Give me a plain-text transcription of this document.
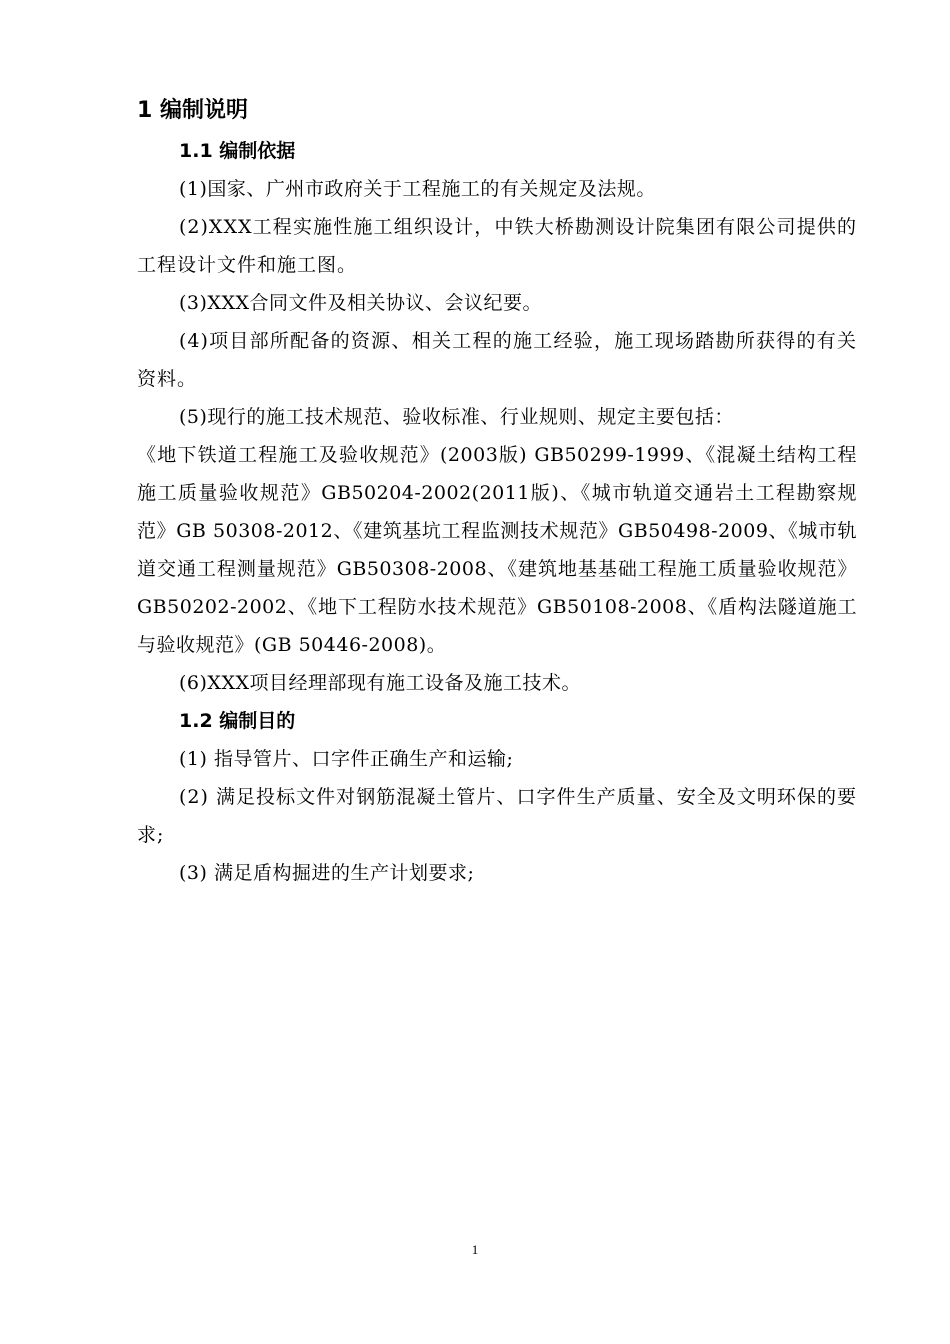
1 编制说明
1.1 编制依据

(1)国家、广州市政府关于工程施工的有关规定及法规。

(2)XXX工程实施性施工组织设计，中铁大桥勘测设计院集团有限公司提供的工程设计文件和施工图。

(3)XXX合同文件及相关协议、会议纪要。

(4)项目部所配备的资源、相关工程的施工经验，施工现场踏勘所获得的有关资料。

(5)现行的施工技术规范、验收标准、行业规则、规定主要包括：

《地下铁道工程施工及验收规范》(2003版) GB50299-1999、《混凝土结构工程施工质量验收规范》GB50204-2002(2011版)、《城市轨道交通岩土工程勘察规范》GB 50308-2012、《建筑基坑工程监测技术规范》GB50498-2009、《城市轨道交通工程测量规范》GB50308-2008、《建筑地基基础工程施工质量验收规范》GB50202-2002、《地下工程防水技术规范》GB50108-2008、《盾构法隧道施工与验收规范》(GB 50446-2008)。

(6)XXX项目经理部现有施工设备及施工技术。

1.2 编制目的

(1) 指导管片、口字件正确生产和运输;

(2) 满足投标文件对钢筋混凝土管片、口字件生产质量、安全及文明环保的要求;

(3) 满足盾构掘进的生产计划要求;

1
